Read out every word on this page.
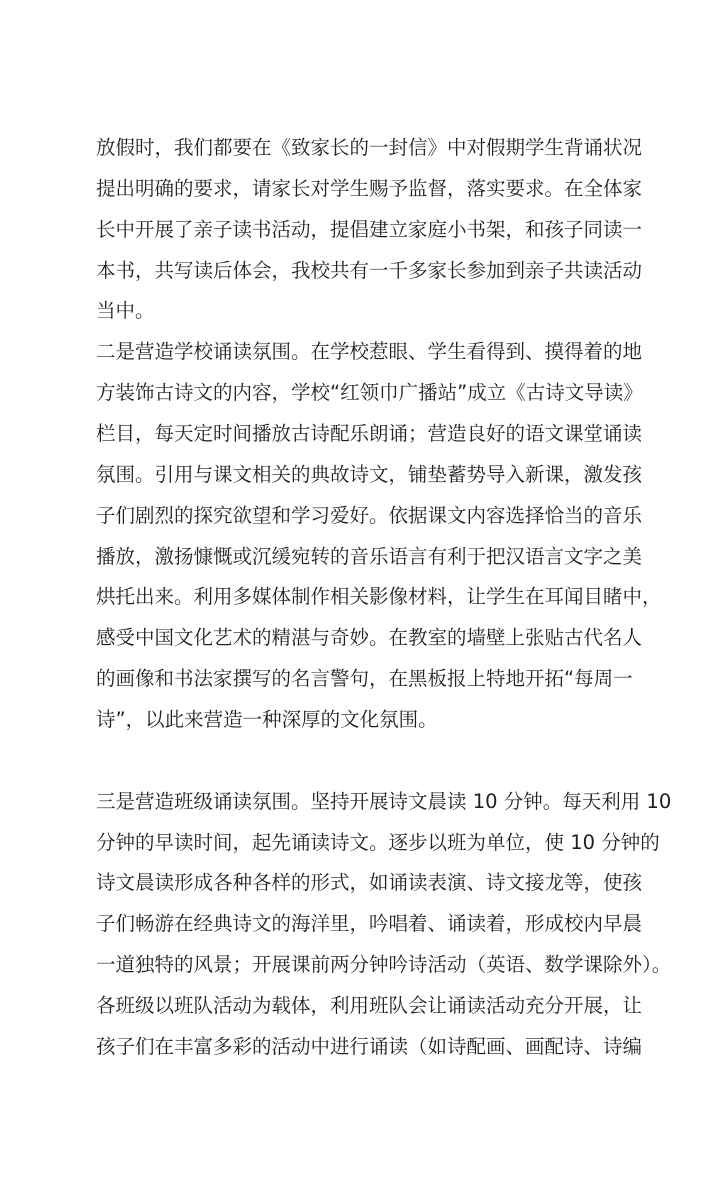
放假时，我们都要在《致家长的一封信》中对假期学生背诵状况
提出明确的要求，请家长对学生赐予监督，落实要求。在全体家
长中开展了亲子读书活动，提倡建立家庭小书架，和孩子同读一
本书，共写读后体会，我校共有一千多家长参加到亲子共读活动
当中。
二是营造学校诵读氛围。在学校惹眼、学生看得到、摸得着的地
方装饰古诗文的内容，学校“红领巾广播站”成立《古诗文导读》
栏目，每天定时间播放古诗配乐朗诵；营造良好的语文课堂诵读
氛围。引用与课文相关的典故诗文，铺垫蓄势导入新课，激发孩
子们剧烈的探究欲望和学习爱好。依据课文内容选择恰当的音乐
播放，激扬慷慨或沉缓宛转的音乐语言有利于把汉语言文字之美
烘托出来。利用多媒体制作相关影像材料，让学生在耳闻目睹中，
感受中国文化艺术的精湛与奇妙。在教室的墙壁上张贴古代名人
的画像和书法家撰写的名言警句，在黑板报上特地开拓“每周一
诗”，以此来营造一种深厚的文化氛围。
三是营造班级诵读氛围。坚持开展诗文晨读 10 分钟。每天利用 10
分钟的早读时间，起先诵读诗文。逐步以班为单位，使 10 分钟的
诗文晨读形成各种各样的形式，如诵读表演、诗文接龙等，使孩
子们畅游在经典诗文的海洋里，吟唱着、诵读着，形成校内早晨
一道独特的风景；开展课前两分钟吟诗活动（英语、数学课除外）。
各班级以班队活动为载体，利用班队会让诵读活动充分开展，让
孩子们在丰富多彩的活动中进行诵读（如诗配画、画配诗、诗编
